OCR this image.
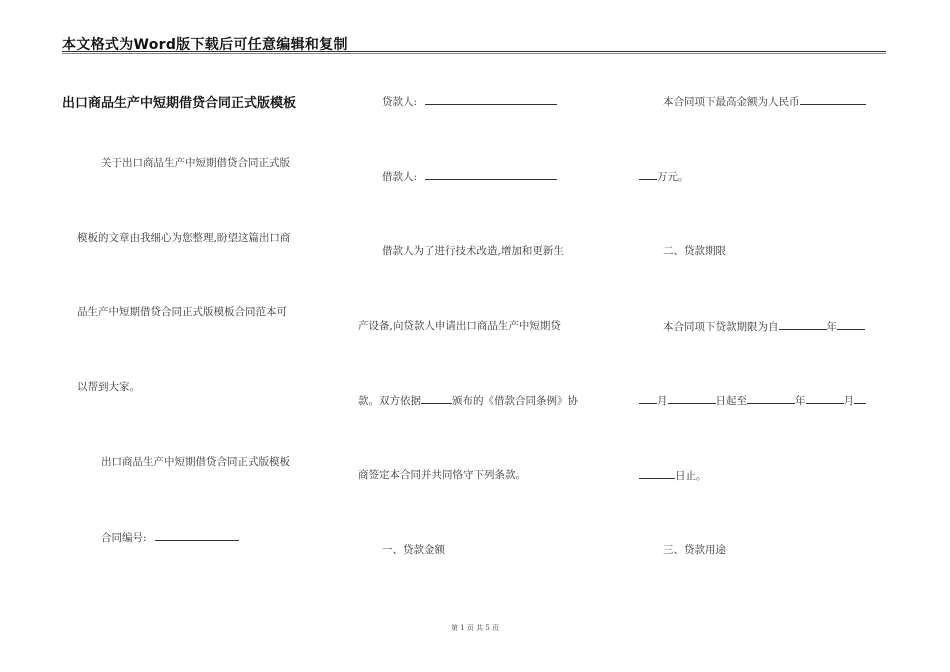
本文格式为Word版下载后可任意编辑和复制
出口商品生产中短期借贷合同正式版模板
关于出口商品生产中短期借贷合同正式版
模板的文章由我细心为您整理,盼望这篇出口商
品生产中短期借贷合同正式版模板合同范本可
以帮到大家。
出口商品生产中短期借贷合同正式版模板
合同编号:
贷款人:
借款人:
借款人为了进行技术改造,增加和更新生
产设备,向贷款人申请出口商品生产中短期贷
款。双方依据	颁布的《借款合同条例》协
商签定本合同并共同恪守下列条款。
一、贷款金额
本合同项下最高金额为人民币
万元。
二、贷款期限
本合同项下贷款期限为自	年
月	日起至	年	月
日止。
三、贷款用途
第 1 页 共 5 页
